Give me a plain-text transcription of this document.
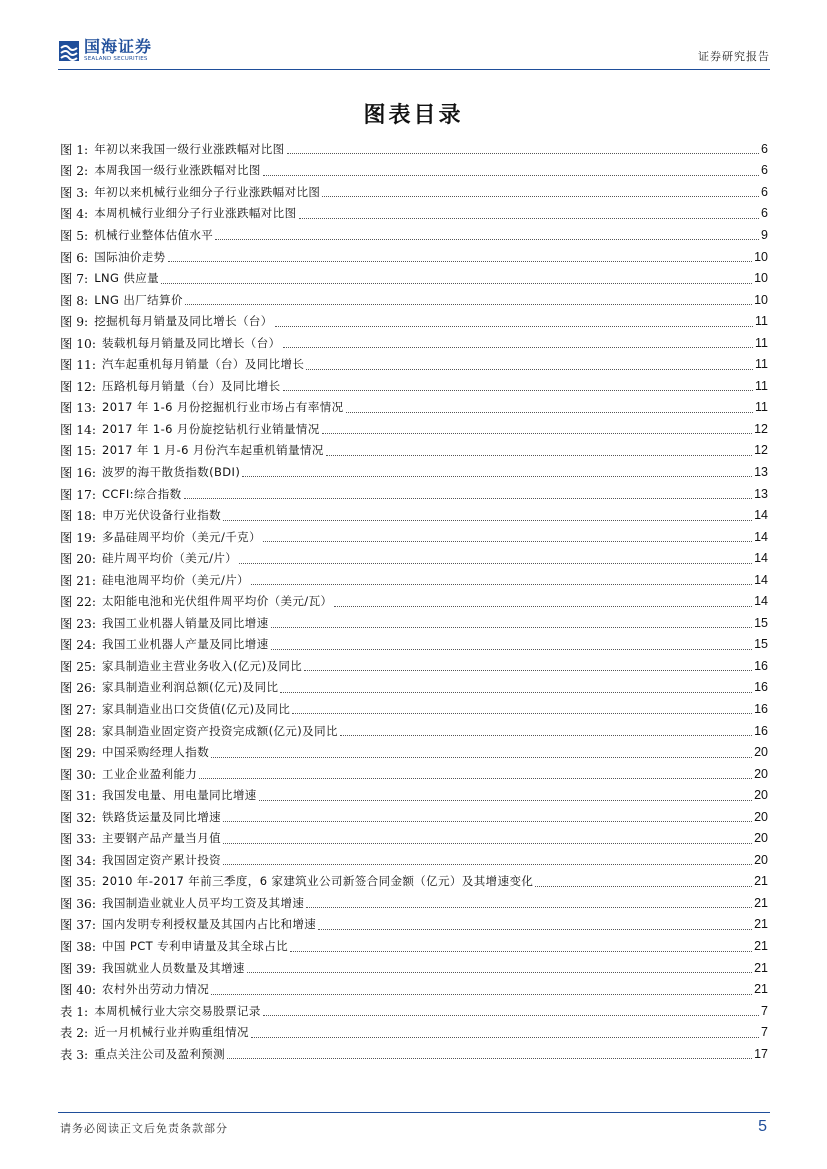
国海证券
SEALAND SECURITIES	证券研究报告
图表目录
图 1: 年初以来我国一级行业涨跌幅对比图	6
图 2: 本周我国一级行业涨跌幅对比图	6
图 3: 年初以来机械行业细分子行业涨跌幅对比图	6
图 4: 本周机械行业细分子行业涨跌幅对比图	6
图 5: 机械行业整体估值水平	9
图 6: 国际油价走势	10
图 7: LNG 供应量	10
图 8: LNG 出厂结算价	10
图 9: 挖掘机每月销量及同比增长（台）	11
图 10: 装载机每月销量及同比增长（台）	11
图 11: 汽车起重机每月销量（台）及同比增长	11
图 12: 压路机每月销量（台）及同比增长	11
图 13: 2017 年 1-6 月份挖掘机行业市场占有率情况	11
图 14: 2017 年 1-6 月份旋挖钻机行业销量情况	12
图 15: 2017 年 1 月-6 月份汽车起重机销量情况	12
图 16: 波罗的海干散货指数(BDI)	13
图 17: CCFI:综合指数	13
图 18: 申万光伏设备行业指数	14
图 19: 多晶硅周平均价（美元/千克）	14
图 20: 硅片周平均价（美元/片）	14
图 21: 硅电池周平均价（美元/片）	14
图 22: 太阳能电池和光伏组件周平均价（美元/瓦）	14
图 23: 我国工业机器人销量及同比增速	15
图 24: 我国工业机器人产量及同比增速	15
图 25: 家具制造业主营业务收入(亿元)及同比	16
图 26: 家具制造业利润总额(亿元)及同比	16
图 27: 家具制造业出口交货值(亿元)及同比	16
图 28: 家具制造业固定资产投资完成额(亿元)及同比	16
图 29: 中国采购经理人指数	20
图 30: 工业企业盈利能力	20
图 31: 我国发电量、用电量同比增速	20
图 32: 铁路货运量及同比增速	20
图 33: 主要钢产品产量当月值	20
图 34: 我国固定资产累计投资	20
图 35: 2010 年-2017 年前三季度，6 家建筑业公司新签合同金额（亿元）及其增速变化	21
图 36: 我国制造业就业人员平均工资及其增速	21
图 37: 国内发明专利授权量及其国内占比和增速	21
图 38: 中国 PCT 专利申请量及其全球占比	21
图 39: 我国就业人员数量及其增速	21
图 40: 农村外出劳动力情况	21
表 1: 本周机械行业大宗交易股票记录	7
表 2: 近一月机械行业并购重组情况	7
表 3: 重点关注公司及盈利预测	17
请务必阅读正文后免责条款部分	5
